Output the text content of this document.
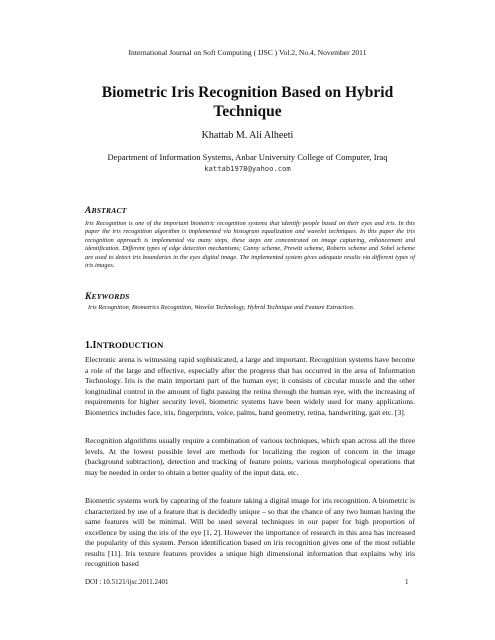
International Journal on Soft Computing ( IJSC ) Vol.2, No.4, November 2011
Biometric Iris Recognition Based on Hybrid
Technique
Khattab M. Ali Alheeti
Department of Information Systems, Anbar University College of Computer, Iraq
kattab1978@yahoo.com
ABSTRACT
Iris Recognition is one of the important biometric recognition systems that identify people based on their eyes and iris. In this paper the iris recognition algorithm is implemented via histogram equalization and wavelet techniques. In this paper the iris recognition approach is implemented via many steps, these steps are concentrated on image capturing, enhancement and identification. Different types of edge detection mechanisms; Canny scheme, Prewitt scheme, Roberts scheme and Sobel scheme are used to detect iris boundaries in the eyes digital image. The implemented system gives adequate results via different types of iris images.
KEYWORDS
Iris Recognition, Biometrics Recognition, Wavelet Technology, Hybrid Technique and Feature Extraction.
1.INTRODUCTION

Electronic arena is witnessing rapid sophisticated, a large and important. Recognition systems have become a role of the large and effective, especially after the progress that has occurred in the area of Information Technology. Iris is the main important part of the human eye; it consists of circular muscle and the other longitudinal control in the amount of light passing the retina through the human eye, with the increasing of requirements for higher security level, biometric systems have been widely used for many applications. Biometrics includes face, iris, fingerprints, voice, palms, hand geometry, retina, handwriting, gait etc. [3].

Recognition algorithms usually require a combination of various techniques, which span across all the three levels. At the lowest possible level are methods for localizing the region of concern in the image (background subtraction), detection and tracking of feature points, various morphological operations that may be needed in order to obtain a better quality of the input data, etc.

Biometric systems work by capturing of the feature taking a digital image for iris recognition. A biometric is characterized by use of a feature that is decidedly unique – so that the chance of any two human having the same features will be minimal. Will be used several techniques in our paper for high proportion of excellence by using the iris of the eye [1, 2]. However the importance of research in this area has increased the popularity of this system. Person identification based on iris recognition gives one of the most reliable results [11]. Iris texture features provides a unique high dimensional information that explains why iris recognition based

DOI : 10.5121/ijsc.2011.2401	1
